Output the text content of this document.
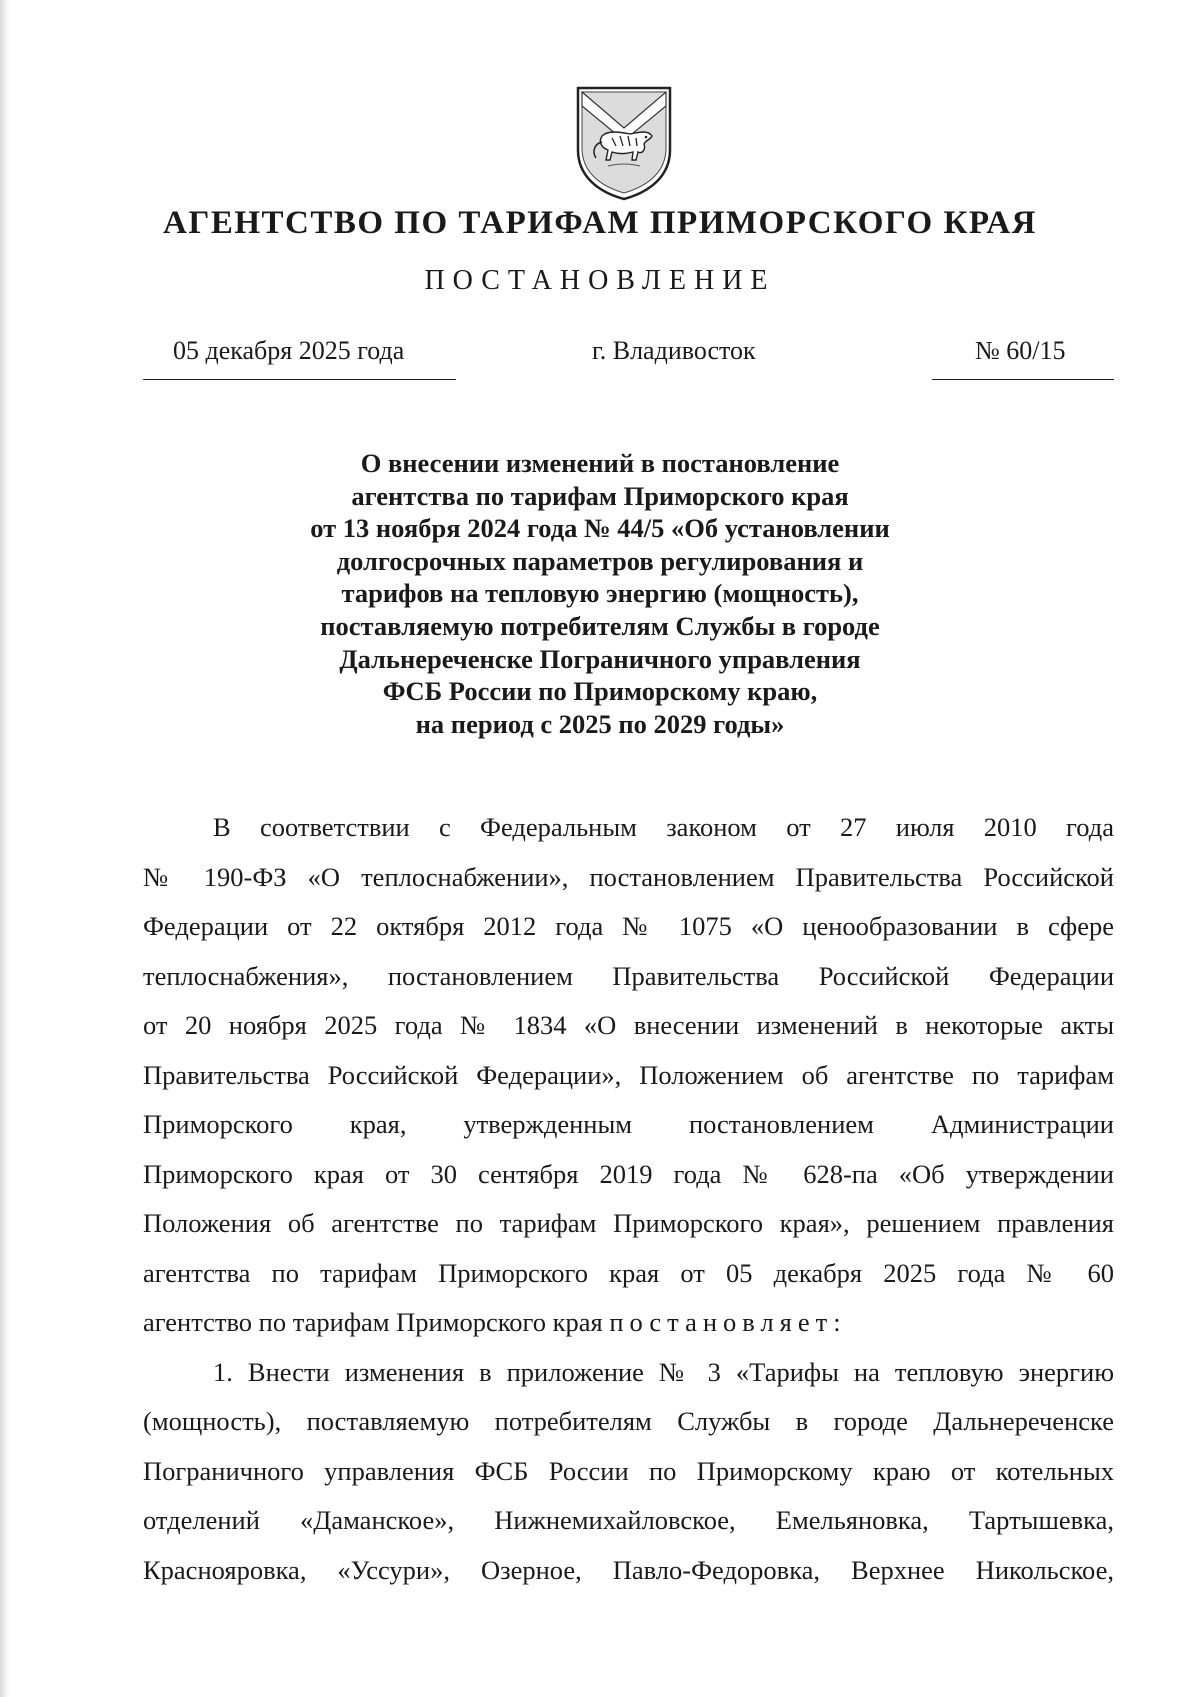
АГЕНТСТВО ПО ТАРИФАМ ПРИМОРСКОГО КРАЯ
ПОСТАНОВЛЕНИЕ
05 декабря 2025 года	г. Владивосток	№ 60/15
О внесении изменений в постановление
агентства по тарифам Приморского края
от 13 ноября 2024 года № 44/5 «Об установлении
долгосрочных параметров регулирования и
тарифов на тепловую энергию (мощность),
поставляемую потребителям Службы в городе
Дальнереченске Пограничного управления
ФСБ России по Приморскому краю,
на период с 2025 по 2029 годы»
В соответствии с Федеральным законом от 27 июля 2010 года
№ 190-ФЗ «О теплоснабжении», постановлением Правительства Российской
Федерации от 22 октября 2012 года № 1075 «О ценообразовании в сфере
теплоснабжения», постановлением Правительства Российской Федерации
от 20 ноября 2025 года № 1834 «О внесении изменений в некоторые акты
Правительства Российской Федерации», Положением об агентстве по тарифам
Приморского края, утвержденным постановлением Администрации
Приморского края от 30 сентября 2019 года № 628-па «Об утверждении
Положения об агентстве по тарифам Приморского края», решением правления
агентства по тарифам Приморского края от 05 декабря 2025 года № 60
агентство по тарифам Приморского края постановляет:
1. Внести изменения в приложение № 3 «Тарифы на тепловую энергию
(мощность), поставляемую потребителям Службы в городе Дальнереченске
Пограничного управления ФСБ России по Приморскому краю от котельных
отделений «Даманское», Нижнемихайловское, Емельяновка, Тартышевка,
Краснояровка, «Уссури», Озерное, Павло-Федоровка, Верхнее Никольское,
